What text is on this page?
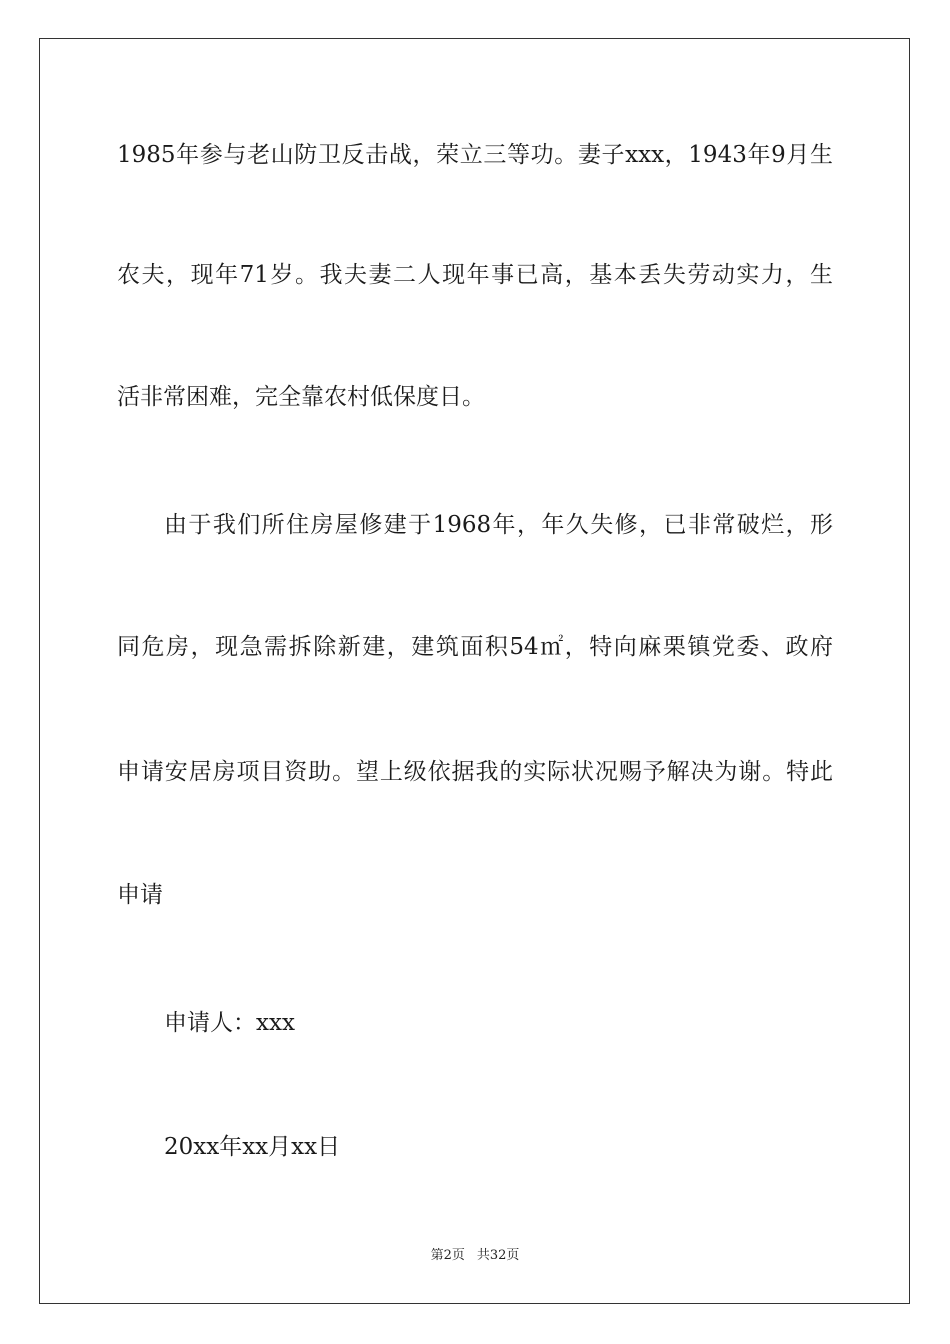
1985年参与老山防卫反击战，荣立三等功。妻子xxx，1943年9月生
农夫，现年71岁。我夫妻二人现年事已高，基本丢失劳动实力，生
活非常困难，完全靠农村低保度日。
由于我们所住房屋修建于1968年，年久失修，已非常破烂，形
同危房，现急需拆除新建，建筑面积54㎡，特向麻栗镇党委、政府
申请安居房项目资助。望上级依据我的实际状况赐予解决为谢。特此
申请
申请人：xxx
20xx年xx月xx日
第2页 共32页
